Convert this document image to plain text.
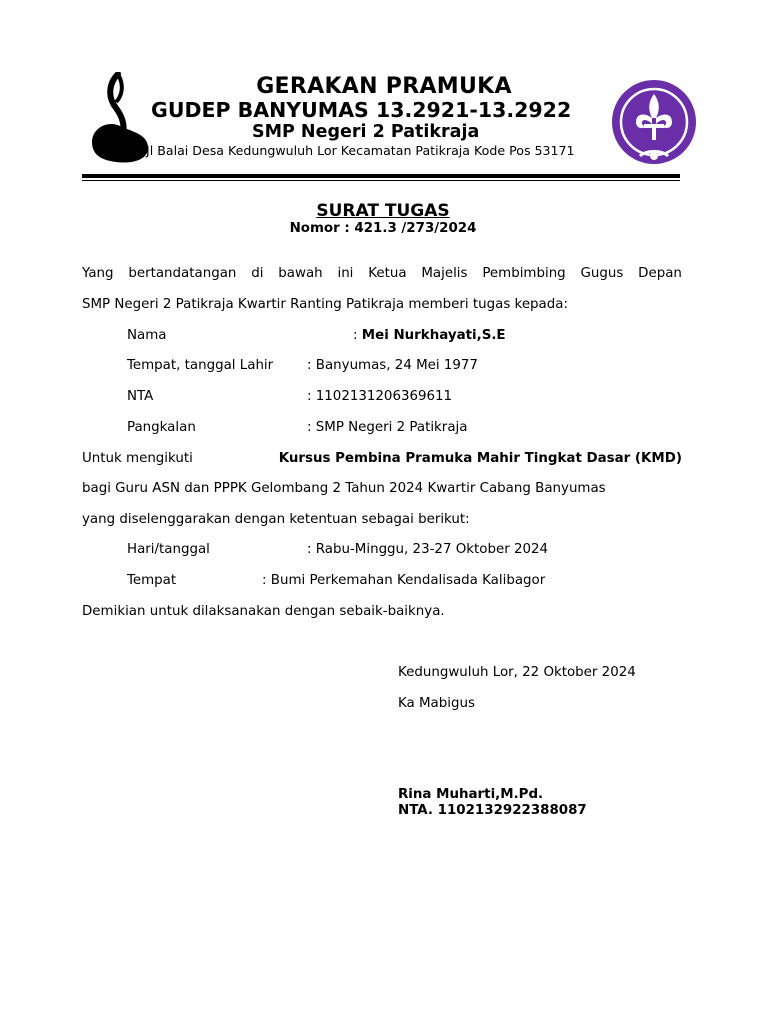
GERAKAN PRAMUKA
GUDEP BANYUMAS 13.2921-13.2922
SMP Negeri 2 Patikraja
Jl Balai Desa Kedungwuluh Lor Kecamatan Patikraja Kode Pos 53171
SURAT TUGAS
Nomor : 421.3 /273/2024
Yang bertandatangan di bawah ini Ketua Majelis Pembimbing Gugus Depan
SMP Negeri 2 Patikraja Kwartir Ranting Patikraja memberi tugas kepada:
Nama	: Mei Nurkhayati,S.E
Tempat, tanggal Lahir	: Banyumas, 24 Mei 1977
NTA	: 1102131206369611
Pangkalan	: SMP Negeri 2 Patikraja
Untuk mengikuti	Kursus Pembina Pramuka Mahir Tingkat Dasar (KMD)
bagi Guru ASN dan PPPK Gelombang 2 Tahun 2024 Kwartir Cabang Banyumas
yang diselenggarakan dengan ketentuan sebagai berikut:
Hari/tanggal	: Rabu-Minggu, 23-27 Oktober 2024
Tempat	: Bumi Perkemahan Kendalisada Kalibagor
Demikian untuk dilaksanakan dengan sebaik-baiknya.
Kedungwuluh Lor, 22 Oktober 2024
Ka Mabigus
Rina Muharti,M.Pd.
NTA. 1102132922388087
